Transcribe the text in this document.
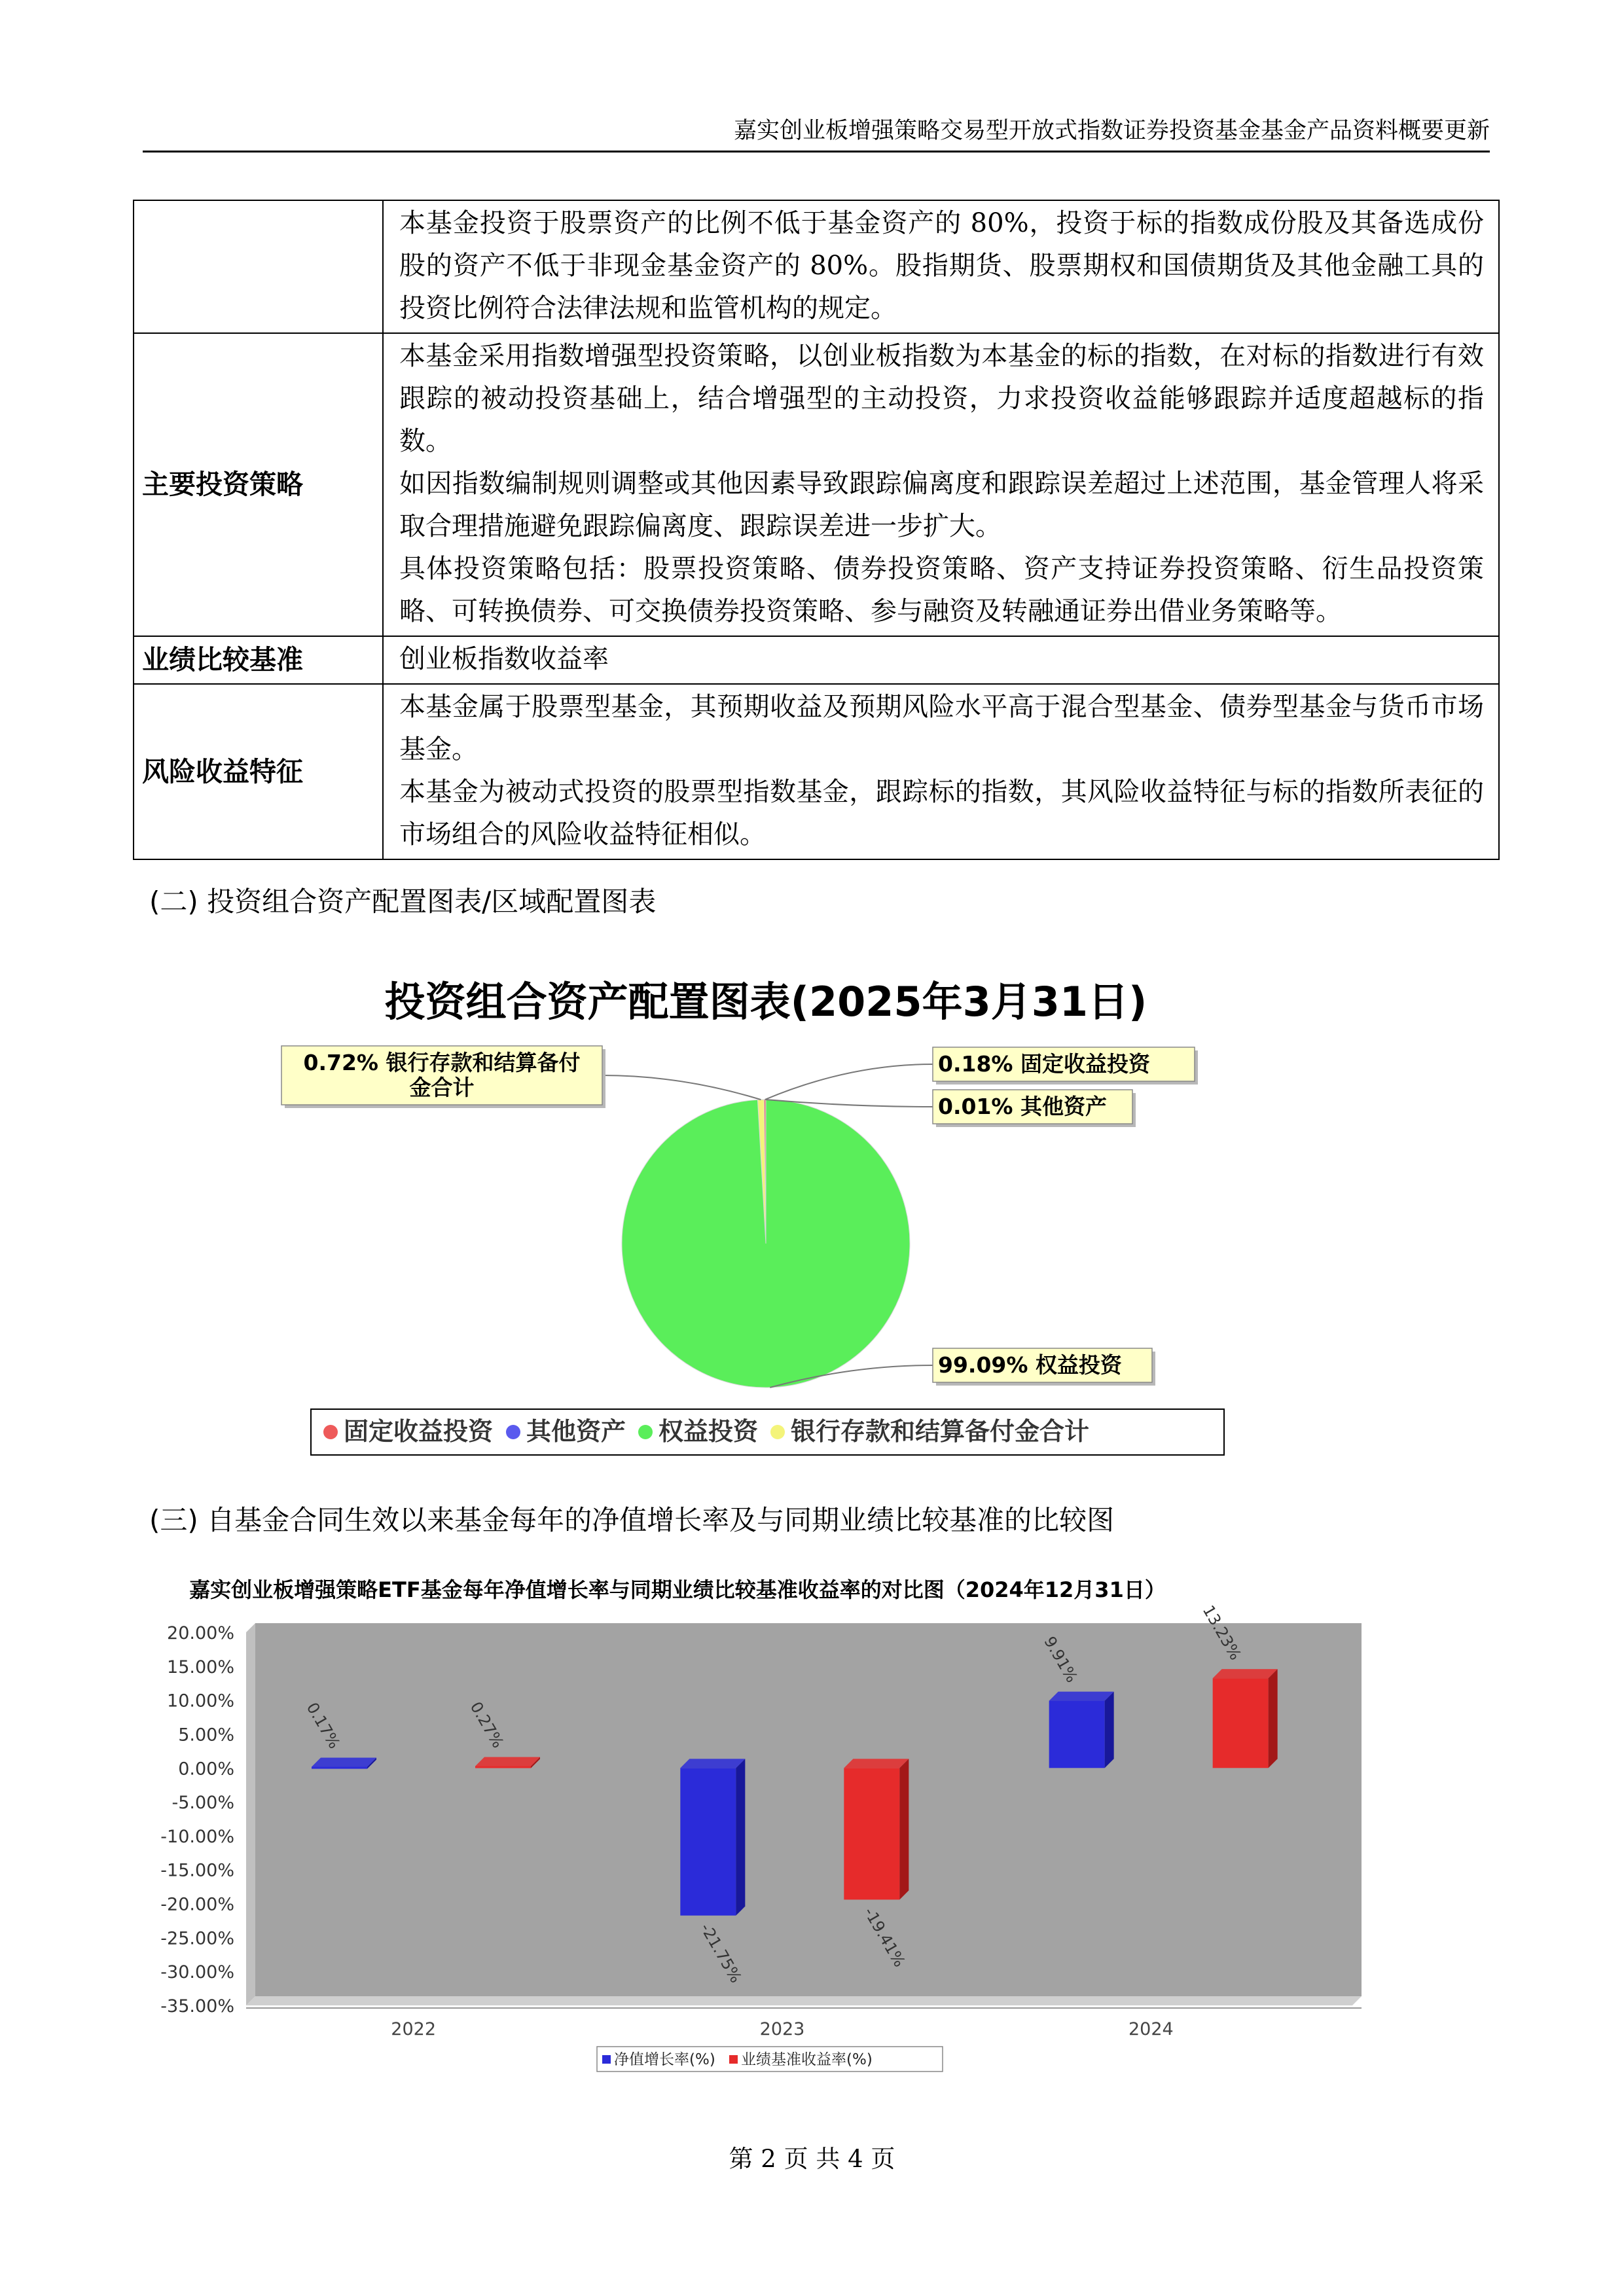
嘉实创业板增强策略交易型开放式指数证券投资基金基金产品资料概要更新

	本基金投资于股票资产的比例不低于基金资产的 80%，投资于标的指数成份股及其备选成份股的资产不低于非现金基金资产的 80%。股指期货、股票期权和国债期货及其他金融工具的投资比例符合法律法规和监管机构的规定。

主要投资策略	本基金采用指数增强型投资策略，以创业板指数为本基金的标的指数，在对标的指数进行有效跟踪的被动投资基础上，结合增强型的主动投资，力求投资收益能够跟踪并适度超越标的指数。

如因指数编制规则调整或其他因素导致跟踪偏离度和跟踪误差超过上述范围，基金管理人将采取合理措施避免跟踪偏离度、跟踪误差进一步扩大。

具体投资策略包括：股票投资策略、债券投资策略、资产支持证券投资策略、衍生品投资策略、可转换债券、可交换债券投资策略、参与融资及转融通证券出借业务策略等。

业绩比较基准	创业板指数收益率

风险收益特征	本基金属于股票型基金，其预期收益及预期风险水平高于混合型基金、债券型基金与货币市场基金。

本基金为被动式投资的股票型指数基金，跟踪标的指数，其风险收益特征与标的指数所表征的市场组合的风险收益特征相似。

(二) 投资组合资产配置图表/区域配置图表
投资组合资产配置图表(2025年3月31日)
0.72% 银行存款和结算备付金合计
0.18% 固定收益投资
0.01% 其他资产
99.09% 权益投资
固定收益投资 其他资产 权益投资 银行存款和结算备付金合计
(三) 自基金合同生效以来基金每年的净值增长率及与同期业绩比较基准的比较图
嘉实创业板增强策略ETF基金每年净值增长率与同期业绩比较基准收益率的对比图（2024年12月31日）
20.00%
15.00%
10.00%
5.00%
0.00%
-5.00%
-10.00%
-15.00%
-20.00%
-25.00%
-30.00%
-35.00%
2022	2023	2024
0.17%
-21.75%
9.91%
0.27%
-19.41%
13.23%
净值增长率(%) 业绩基准收益率(%)
第 2 页 共 4 页
